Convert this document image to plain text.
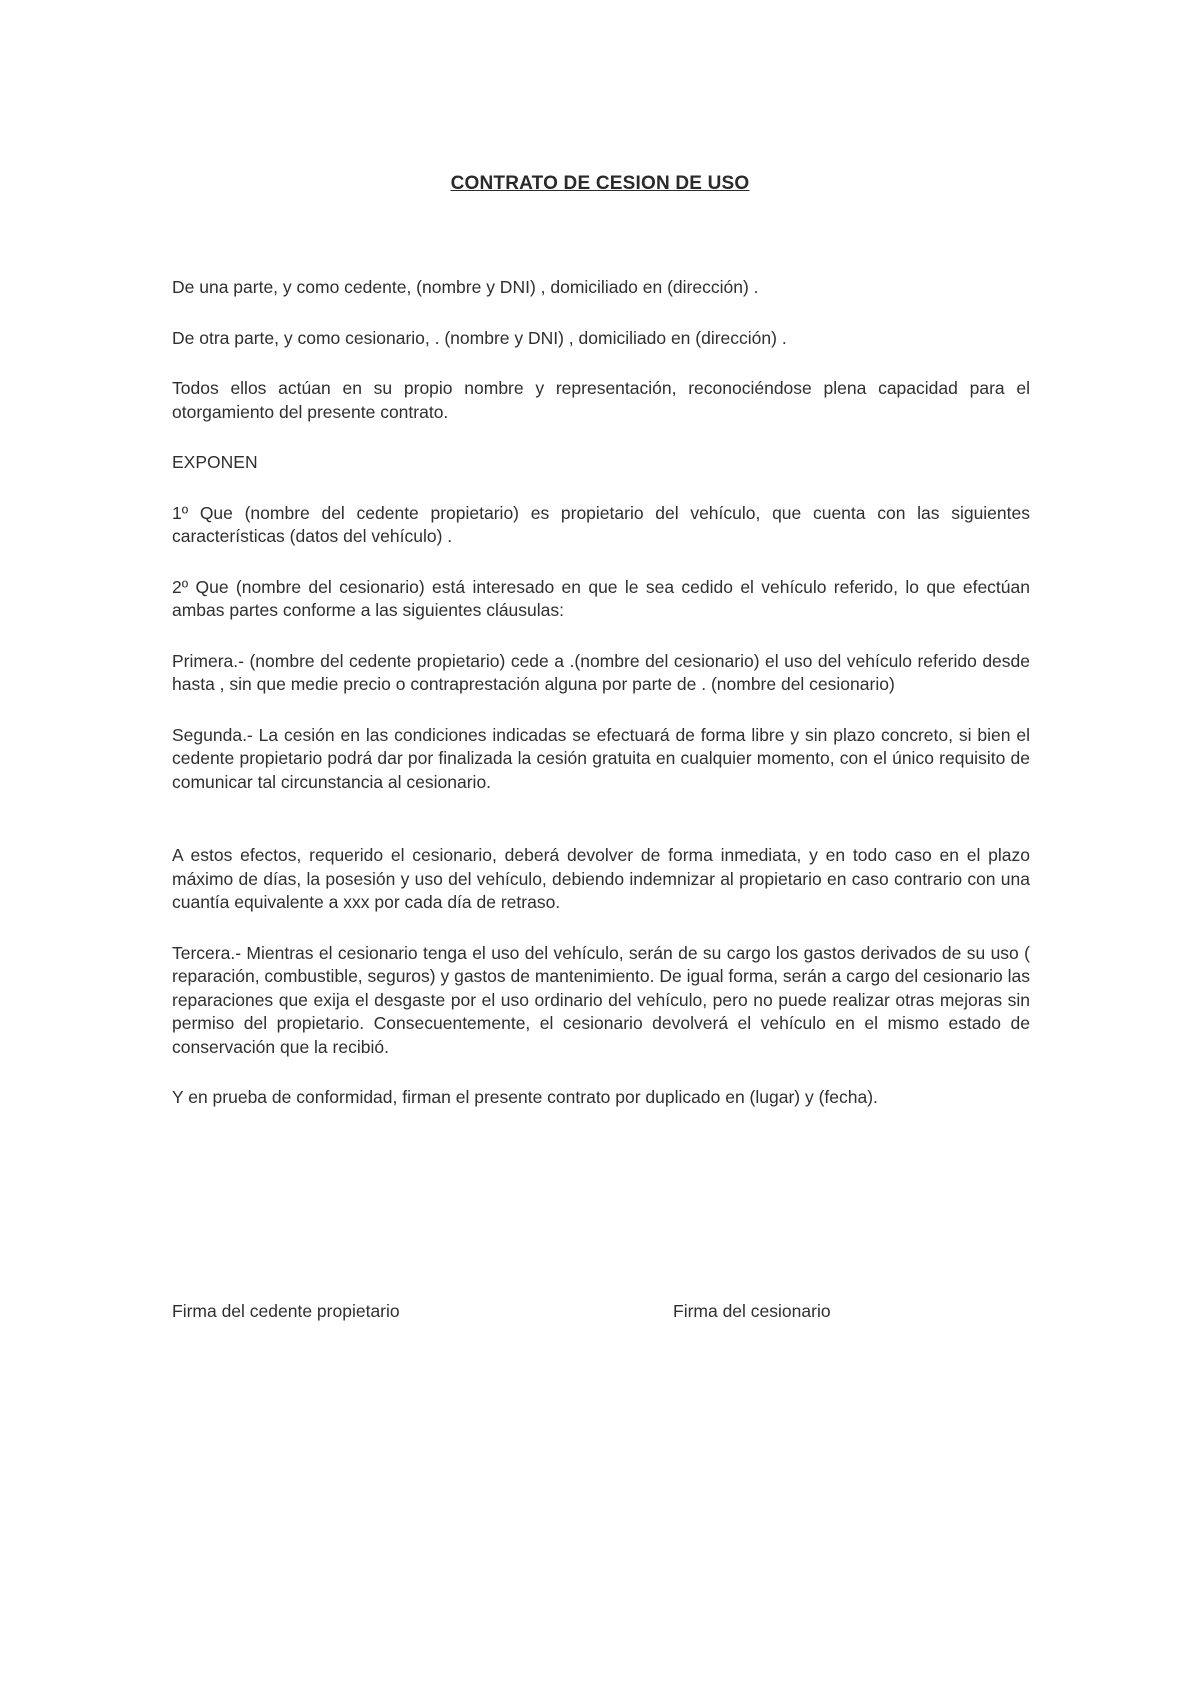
CONTRATO DE CESION DE USO

De una parte, y como cedente, (nombre y DNI) , domiciliado en (dirección) .

De otra parte, y como cesionario, . (nombre y DNI) , domiciliado en (dirección) .

Todos ellos actúan en su propio nombre y representación, reconociéndose plena capacidad para el otorgamiento del presente contrato.

EXPONEN

1º Que (nombre del cedente propietario) es propietario del vehículo, que cuenta con las siguientes características (datos del vehículo) .

2º Que (nombre del cesionario) está interesado en que le sea cedido el vehículo referido, lo que efectúan ambas partes conforme a las siguientes cláusulas:

Primera.- (nombre del cedente propietario) cede a .(nombre del cesionario) el uso del vehículo referido desde hasta , sin que medie precio o contraprestación alguna por parte de . (nombre del cesionario)

Segunda.- La cesión en las condiciones indicadas se efectuará de forma libre y sin plazo concreto, si bien el cedente propietario podrá dar por finalizada la cesión gratuita en cualquier momento, con el único requisito de comunicar tal circunstancia al cesionario.

A estos efectos, requerido el cesionario, deberá devolver de forma inmediata, y en todo caso en el plazo máximo de días, la posesión y uso del vehículo, debiendo indemnizar al propietario en caso contrario con una cuantía equivalente a xxx por cada día de retraso.

Tercera.- Mientras el cesionario tenga el uso del vehículo, serán de su cargo los gastos derivados de su uso ( reparación, combustible, seguros) y gastos de mantenimiento. De igual forma, serán a cargo del cesionario las reparaciones que exija el desgaste por el uso ordinario del vehículo, pero no puede realizar otras mejoras sin permiso del propietario. Consecuentemente, el cesionario devolverá el vehículo en el mismo estado de conservación que la recibió.

Y en prueba de conformidad, firman el presente contrato por duplicado en (lugar) y (fecha).

Firma del cedente propietario	Firma del cesionario
